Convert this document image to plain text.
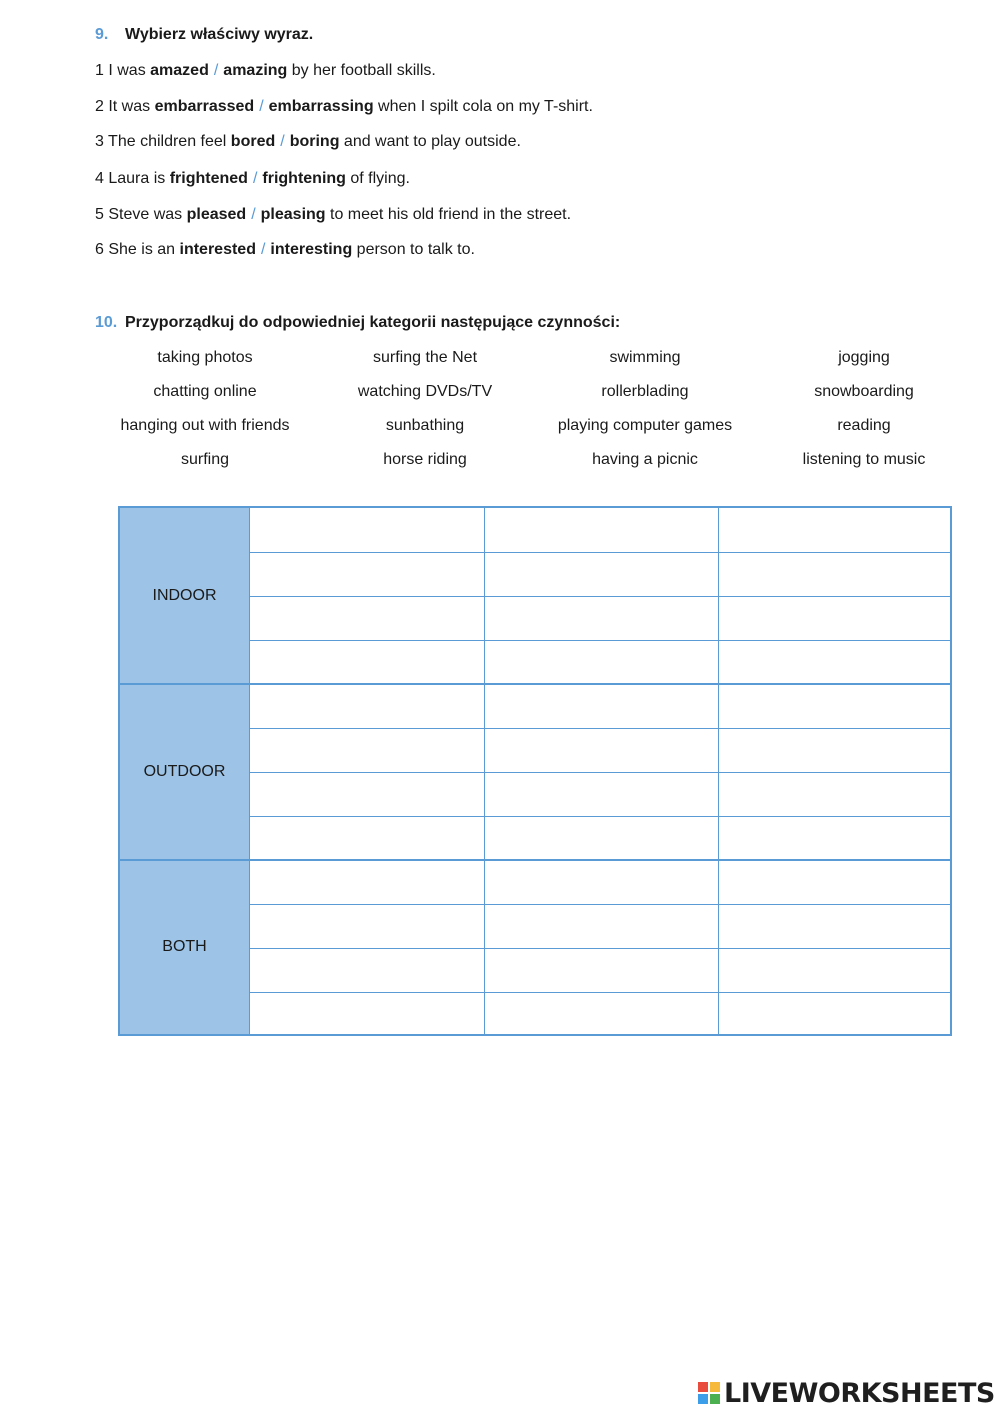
9. Wybierz właściwy wyraz.
1 I was amazed / amazing by her football skills.
2 It was embarrassed / embarrassing when I spilt cola on my T-shirt.
3 The children feel bored / boring and want to play outside.
4 Laura is frightened / frightening of flying.
5 Steve was pleased / pleasing to meet his old friend in the street.
6 She is an interested / interesting person to talk to.
10. Przyporządkuj do odpowiedniej kategorii następujące czynności:
taking photos	surfing the Net	swimming	jogging
chatting online	watching DVDs/TV	rollerblading	snowboarding
hanging out with friends	sunbathing	playing computer games	reading
surfing	horse riding	having a picnic	listening to music
INDOOR
OUTDOOR
BOTH
LIVEWORKSHEETS
